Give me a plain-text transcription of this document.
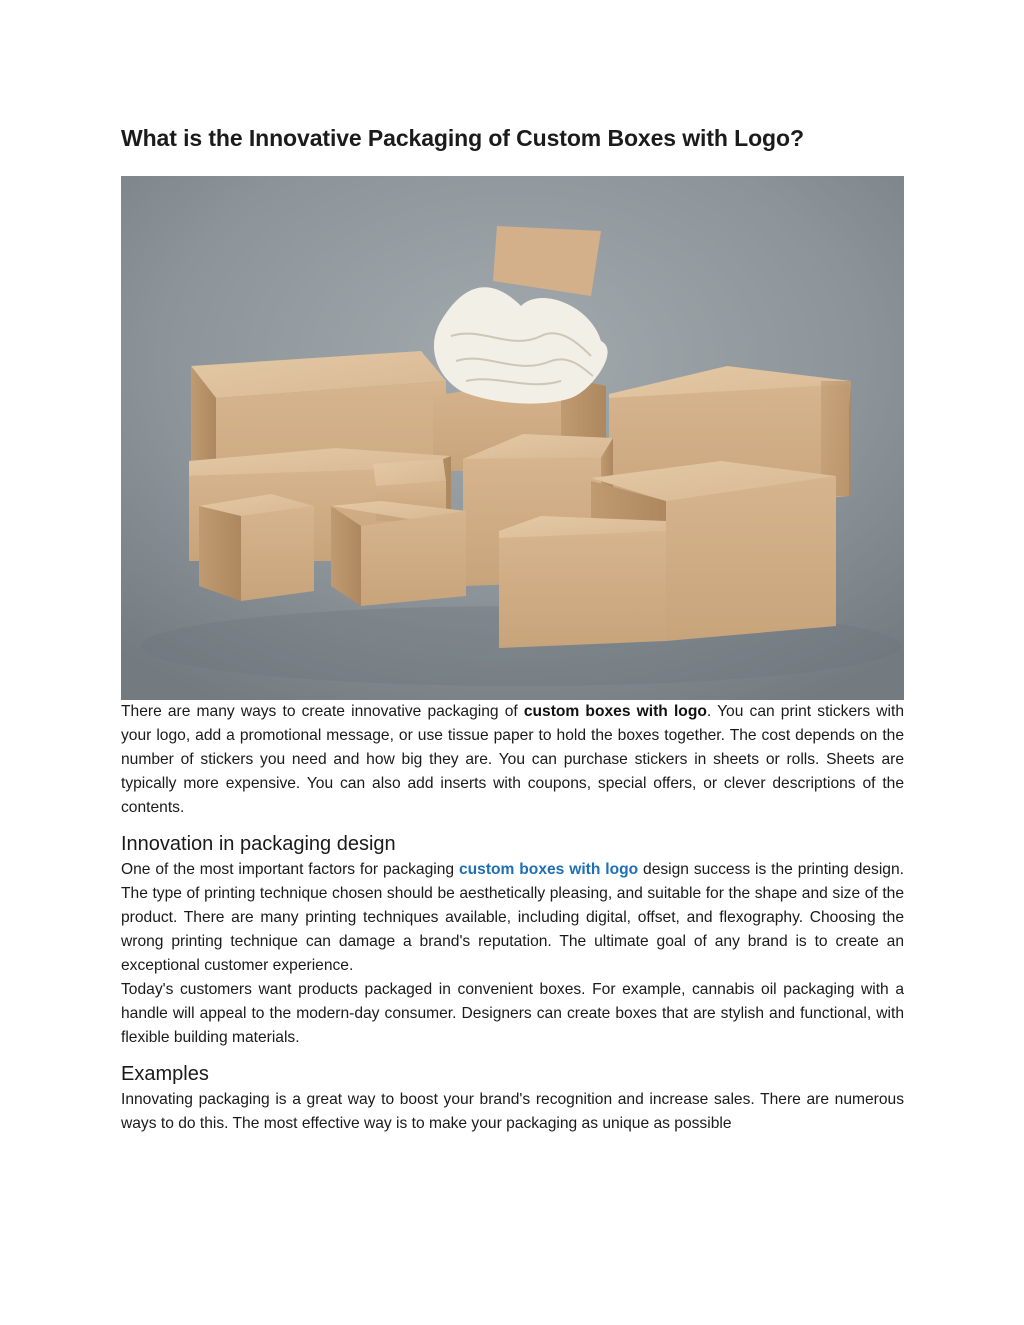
What is the Innovative Packaging of Custom Boxes with Logo?

There are many ways to create innovative packaging of custom boxes with logo. You can print stickers with your logo, add a promotional message, or use tissue paper to hold the boxes together. The cost depends on the number of stickers you need and how big they are. You can purchase stickers in sheets or rolls. Sheets are typically more expensive. You can also add inserts with coupons, special offers, or clever descriptions of the contents.

Innovation in packaging design

One of the most important factors for packaging custom boxes with logo design success is the printing design. The type of printing technique chosen should be aesthetically pleasing, and suitable for the shape and size of the product. There are many printing techniques available, including digital, offset, and flexography. Choosing the wrong printing technique can damage a brand's reputation. The ultimate goal of any brand is to create an exceptional customer experience.

Today's customers want products packaged in convenient boxes. For example, cannabis oil packaging with a handle will appeal to the modern-day consumer. Designers can create boxes that are stylish and functional, with flexible building materials.

Examples

Innovating packaging is a great way to boost your brand's recognition and increase sales. There are numerous ways to do this. The most effective way is to make your packaging as unique as possible
